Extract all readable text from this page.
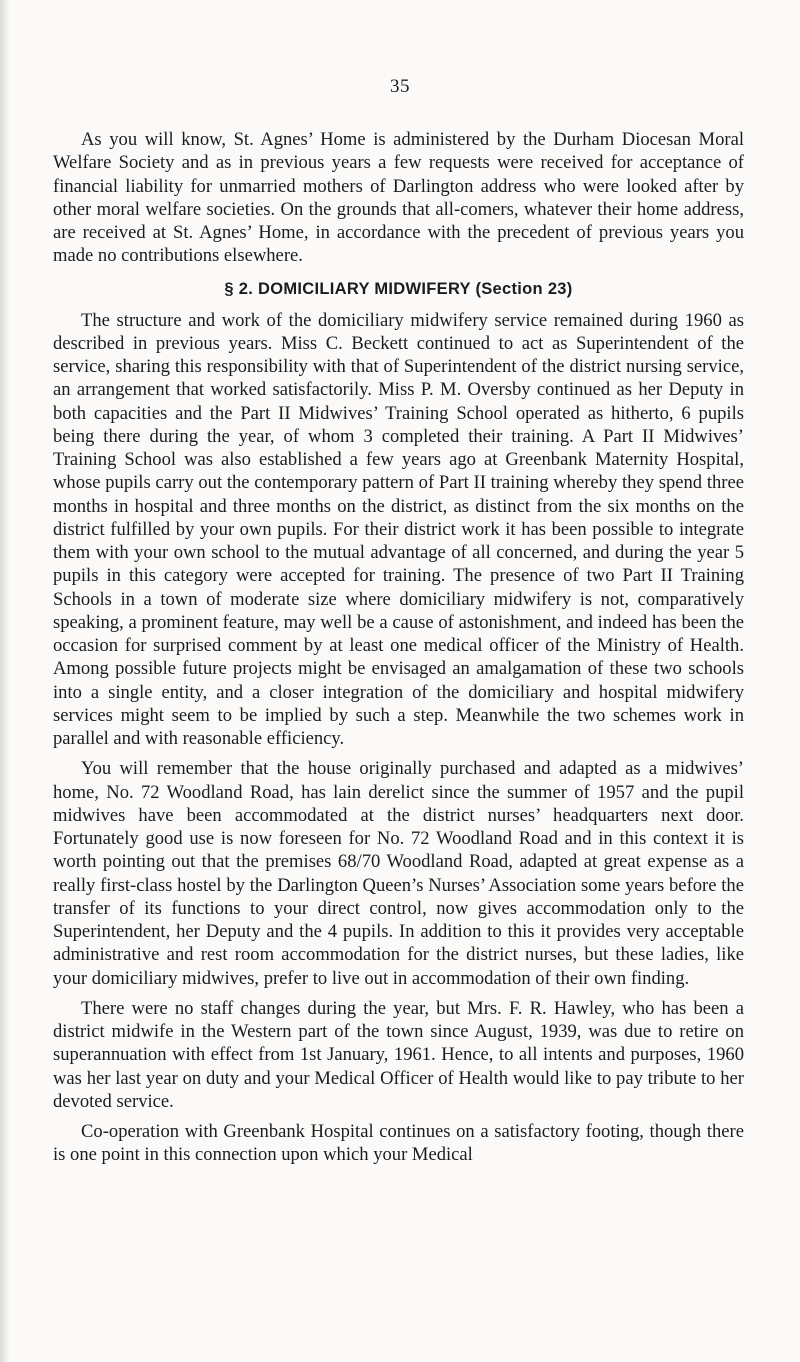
35

As you will know, St. Agnes’ Home is administered by the Durham Diocesan Moral Welfare Society and as in previous years a few requests were received for acceptance of financial liability for unmarried mothers of Darlington address who were looked after by other moral welfare societies. On the grounds that all-comers, whatever their home address, are received at St. Agnes’ Home, in accordance with the precedent of previous years you made no contributions elsewhere.

§ 2. DOMICILIARY MIDWIFERY (Section 23)

The structure and work of the domiciliary midwifery service remained during 1960 as described in previous years. Miss C. Beckett continued to act as Superintendent of the service, sharing this responsibility with that of Superintendent of the district nursing service, an arrangement that worked satisfactorily. Miss P. M. Oversby continued as her Deputy in both capacities and the Part II Midwives’ Training School operated as hitherto, 6 pupils being there during the year, of whom 3 completed their training. A Part II Midwives’ Training School was also established a few years ago at Greenbank Maternity Hospital, whose pupils carry out the contemporary pattern of Part II training whereby they spend three months in hospital and three months on the district, as distinct from the six months on the district fulfilled by your own pupils. For their district work it has been possible to integrate them with your own school to the mutual advantage of all concerned, and during the year 5 pupils in this category were accepted for training. The presence of two Part II Training Schools in a town of moderate size where domiciliary midwifery is not, comparatively speaking, a prominent feature, may well be a cause of astonishment, and indeed has been the occasion for surprised comment by at least one medical officer of the Ministry of Health. Among possible future projects might be envisaged an amalgamation of these two schools into a single entity, and a closer integration of the domiciliary and hospital midwifery services might seem to be implied by such a step. Meanwhile the two schemes work in parallel and with reasonable efficiency.

You will remember that the house originally purchased and adapted as a midwives’ home, No. 72 Woodland Road, has lain derelict since the summer of 1957 and the pupil midwives have been accommodated at the district nurses’ headquarters next door. Fortunately good use is now foreseen for No. 72 Woodland Road and in this context it is worth pointing out that the premises 68/70 Woodland Road, adapted at great expense as a really first-class hostel by the Darlington Queen’s Nurses’ Association some years before the transfer of its functions to your direct control, now gives accommodation only to the Superintendent, her Deputy and the 4 pupils. In addition to this it provides very acceptable administrative and rest room accommodation for the district nurses, but these ladies, like your domiciliary midwives, prefer to live out in accommodation of their own finding.

There were no staff changes during the year, but Mrs. F. R. Hawley, who has been a district midwife in the Western part of the town since August, 1939, was due to retire on superannuation with effect from 1st January, 1961. Hence, to all intents and purposes, 1960 was her last year on duty and your Medical Officer of Health would like to pay tribute to her devoted service.

Co-operation with Greenbank Hospital continues on a satisfactory footing, though there is one point in this connection upon which your Medical
